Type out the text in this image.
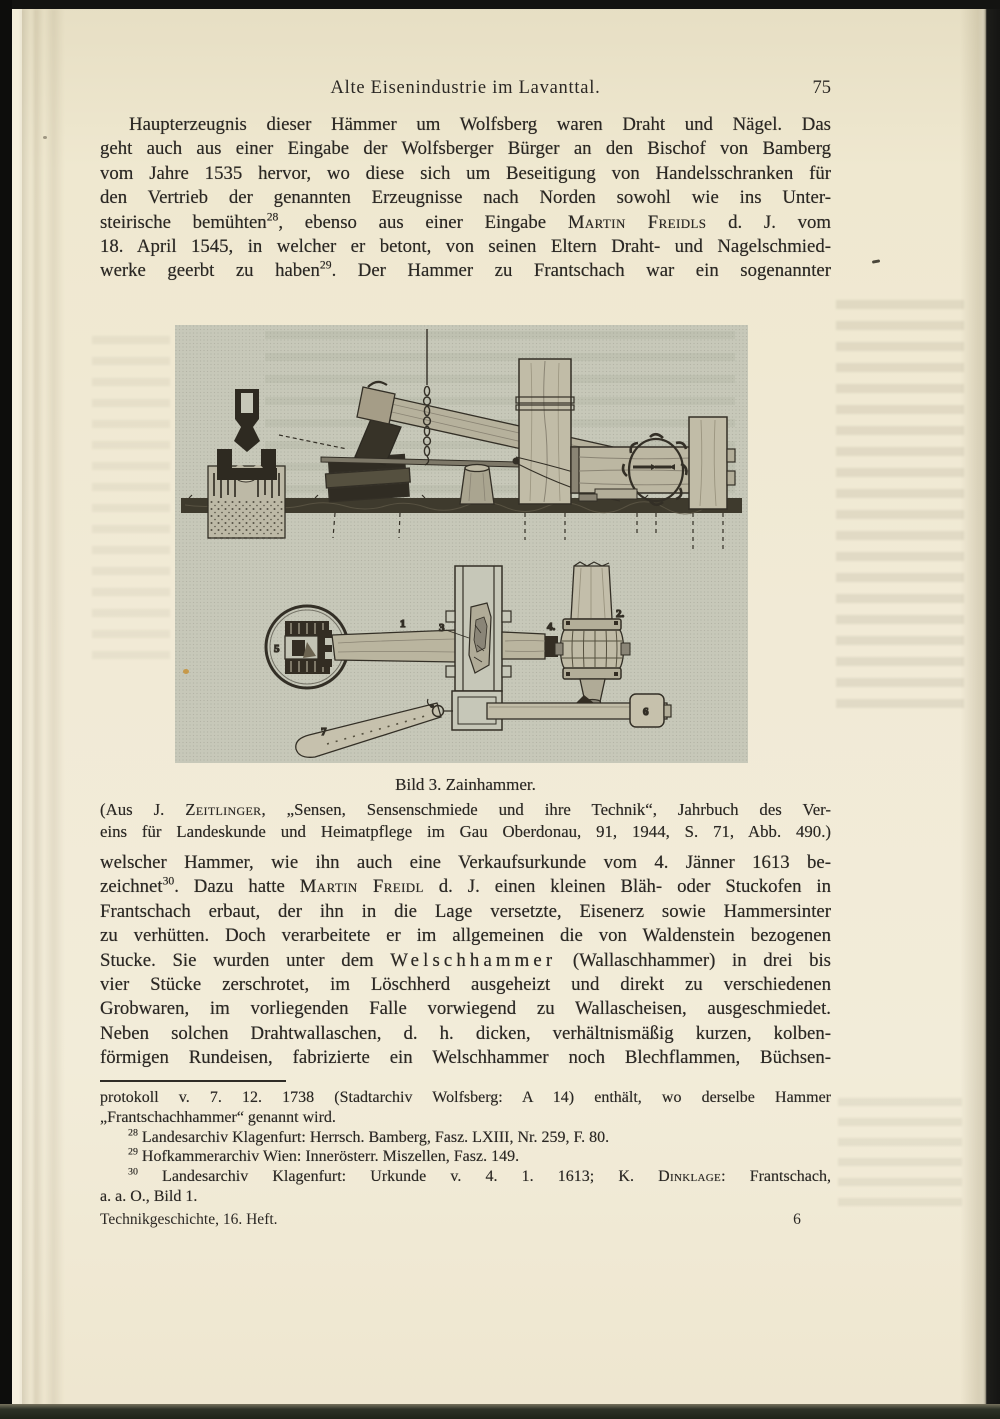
Alte Eisenindustrie im Lavanttal.	75
Haupterzeugnis dieser Hämmer um Wolfsberg waren Draht und Nägel. Das
geht auch aus einer Eingabe der Wolfsberger Bürger an den Bischof von Bamberg
vom Jahre 1535 hervor, wo diese sich um Beseitigung von Handelsschranken für
den Vertrieb der genannten Erzeugnisse nach Norden sowohl wie ins Unter-
steirische bemühten$^{28}$, ebenso aus einer Eingabe Martin Freidls d. J. vom
18. April 1545, in welcher er betont, von seinen Eltern Draht- und Nagelschmied-
werke geerbt zu haben$^{29}$. Der Hammer zu Frantschach war ein sogenannter
5
1	3	4.
2.
6
7
Bild 3. Zainhammer.
(Aus J. Zeitlinger, „Sensen, Sensenschmiede und ihre Technik“, Jahrbuch des Ver-
eins für Landeskunde und Heimatpflege im Gau Oberdonau, 91, 1944, S. 71, Abb. 490.)
welscher Hammer, wie ihn auch eine Verkaufsurkunde vom 4. Jänner 1613 be-
zeichnet$^{30}$. Dazu hatte Martin Freidl d. J. einen kleinen Bläh- oder Stuckofen in
Frantschach erbaut, der ihn in die Lage versetzte, Eisenerz sowie Hammersinter
zu verhütten. Doch verarbeitete er im allgemeinen die von Waldenstein bezogenen
Stucke. Sie wurden unter dem Welschhammer (Wallaschhammer) in drei bis
vier Stücke zerschrotet, im Löschherd ausgeheizt und direkt zu verschiedenen
Grobwaren, im vorliegenden Falle vorwiegend zu Wallascheisen, ausgeschmiedet.
Neben solchen Drahtwallaschen, d. h. dicken, verhältnismäßig kurzen, kolben-
förmigen Rundeisen, fabrizierte ein Welschhammer noch Blechflammen, Büchsen-
protokoll v. 7. 12. 1738 (Stadtarchiv Wolfsberg: A 14) enthält, wo derselbe Hammer
„Frantschachhammer“ genannt wird.
$^{28}$ Landesarchiv Klagenfurt: Herrsch. Bamberg, Fasz. LXIII, Nr. 259, F. 80.
$^{29}$ Hofkammerarchiv Wien: Innerösterr. Miszellen, Fasz. 149.
$^{30}$ Landesarchiv Klagenfurt: Urkunde v. 4. 1. 1613; K. Dinklage: Frantschach,
a. a. O., Bild 1.
Technikgeschichte, 16. Heft.	6
